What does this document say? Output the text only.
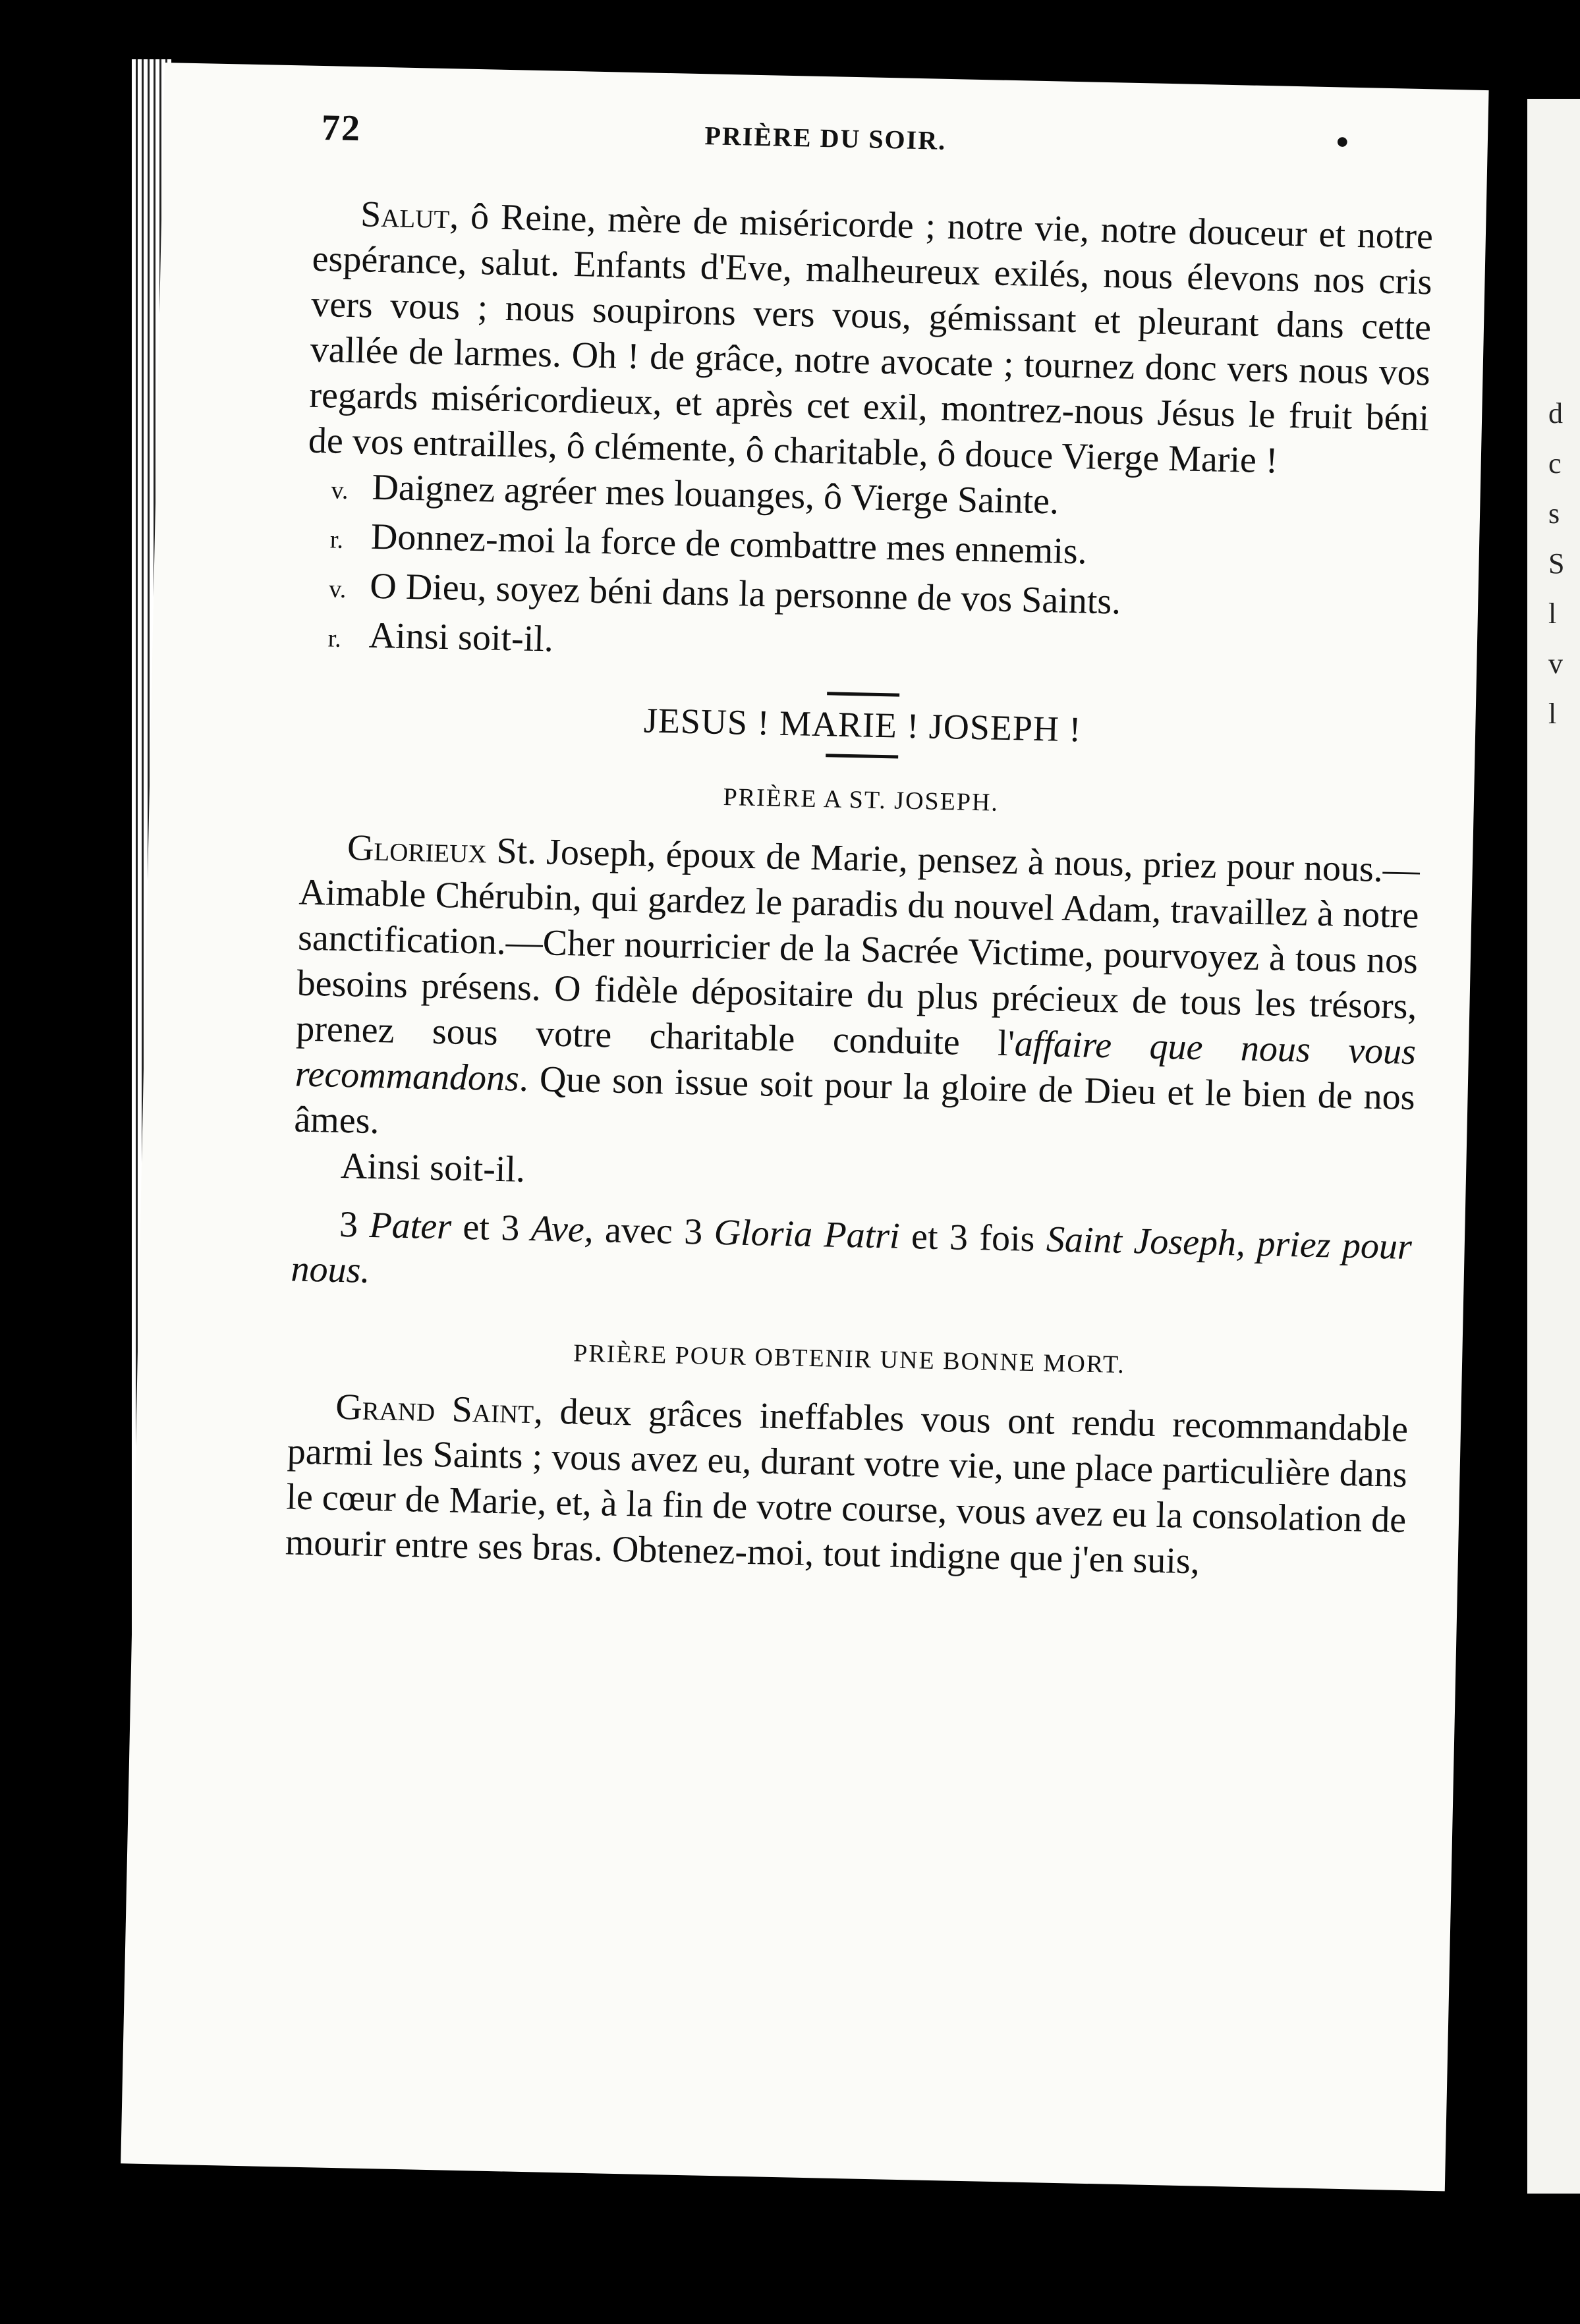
d
c
s
S
l
v
l
72	PRIÈRE DU SOIR.	•

Salut, ô Reine, mère de miséricorde ; notre vie, notre douceur et notre espérance, salut. Enfants d'Eve, malheureux exilés, nous élevons nos cris vers vous ; nous soupirons vers vous, gémissant et pleurant dans cette vallée de larmes. Oh ! de grâce, notre avocate ; tournez donc vers nous vos regards miséricordieux, et après cet exil, montrez-nous Jésus le fruit béni de vos entrailles, ô clémente, ô charitable, ô douce Vierge Marie !

v. Daignez agréer mes louanges, ô Vierge Sainte.
r. Donnez-moi la force de combattre mes ennemis.
v. O Dieu, soyez béni dans la personne de vos Saints.
r. Ainsi soit-il.
JESUS ! MARIE ! JOSEPH !
PRIÈRE A ST. JOSEPH.

Glorieux St. Joseph, époux de Marie, pensez à nous, priez pour nous.—Aimable Chérubin, qui gardez le paradis du nouvel Adam, travaillez à notre sanctification.—Cher nourricier de la Sacrée Victime, pourvoyez à tous nos besoins présens. O fidèle dépositaire du plus précieux de tous les trésors, prenez sous votre charitable conduite l'affaire que nous vous recommandons. Que son issue soit pour la gloire de Dieu et le bien de nos âmes.

Ainsi soit-il.

3 Pater et 3 Ave, avec 3 Gloria Patri et 3 fois Saint Joseph, priez pour nous.

PRIÈRE POUR OBTENIR UNE BONNE MORT.

Grand Saint, deux grâces ineffables vous ont rendu recommandable parmi les Saints ; vous avez eu, durant votre vie, une place particulière dans le cœur de Marie, et, à la fin de votre course, vous avez eu la consolation de mourir entre ses bras. Obtenez-moi, tout indigne que j'en suis,
